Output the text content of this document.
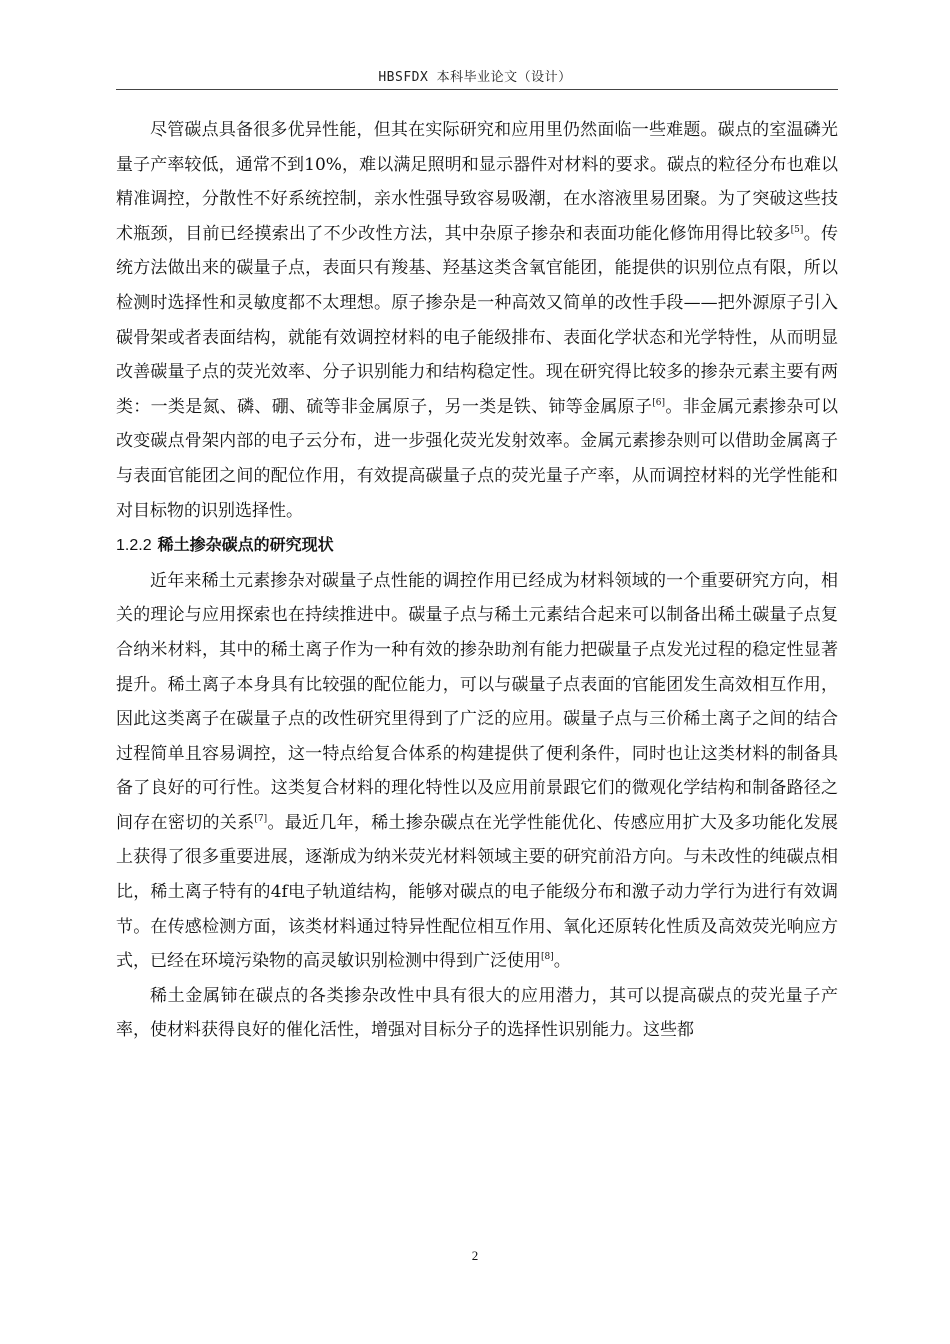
HBSFDX 本科毕业论文（设计）

尽管碳点具备很多优异性能，但其在实际研究和应用里仍然面临一些难题。碳点的室温磷光量子产率较低，通常不到10%，难以满足照明和显示器件对材料的要求。碳点的粒径分布也难以精准调控，分散性不好系统控制，亲水性强导致容易吸潮，在水溶液里易团聚。为了突破这些技术瓶颈，目前已经摸索出了不少改性方法，其中杂原子掺杂和表面功能化修饰用得比较多[5]。传统方法做出来的碳量子点，表面只有羧基、羟基这类含氧官能团，能提供的识别位点有限，所以检测时选择性和灵敏度都不太理想。原子掺杂是一种高效又简单的改性手段——把外源原子引入碳骨架或者表面结构，就能有效调控材料的电子能级排布、表面化学状态和光学特性，从而明显改善碳量子点的荧光效率、分子识别能力和结构稳定性。现在研究得比较多的掺杂元素主要有两类：一类是氮、磷、硼、硫等非金属原子，另一类是铁、铈等金属原子[6]。非金属元素掺杂可以改变碳点骨架内部的电子云分布，进一步强化荧光发射效率。金属元素掺杂则可以借助金属离子与表面官能团之间的配位作用，有效提高碳量子点的荧光量子产率，从而调控材料的光学性能和对目标物的识别选择性。

1.2.2 稀土掺杂碳点的研究现状

近年来稀土元素掺杂对碳量子点性能的调控作用已经成为材料领域的一个重要研究方向，相关的理论与应用探索也在持续推进中。碳量子点与稀土元素结合起来可以制备出稀土碳量子点复合纳米材料，其中的稀土离子作为一种有效的掺杂助剂有能力把碳量子点发光过程的稳定性显著提升。稀土离子本身具有比较强的配位能力，可以与碳量子点表面的官能团发生高效相互作用，因此这类离子在碳量子点的改性研究里得到了广泛的应用。碳量子点与三价稀土离子之间的结合过程简单且容易调控，这一特点给复合体系的构建提供了便利条件，同时也让这类材料的制备具备了良好的可行性。这类复合材料的理化特性以及应用前景跟它们的微观化学结构和制备路径之间存在密切的关系[7]。最近几年，稀土掺杂碳点在光学性能优化、传感应用扩大及多功能化发展上获得了很多重要进展，逐渐成为纳米荧光材料领域主要的研究前沿方向。与未改性的纯碳点相比，稀土离子特有的4f电子轨道结构，能够对碳点的电子能级分布和激子动力学行为进行有效调节。在传感检测方面，该类材料通过特异性配位相互作用、氧化还原转化性质及高效荧光响应方式，已经在环境污染物的高灵敏识别检测中得到广泛使用[8]。

稀土金属铈在碳点的各类掺杂改性中具有很大的应用潜力，其可以提高碳点的荧光量子产率，使材料获得良好的催化活性，增强对目标分子的选择性识别能力。这些都

2
